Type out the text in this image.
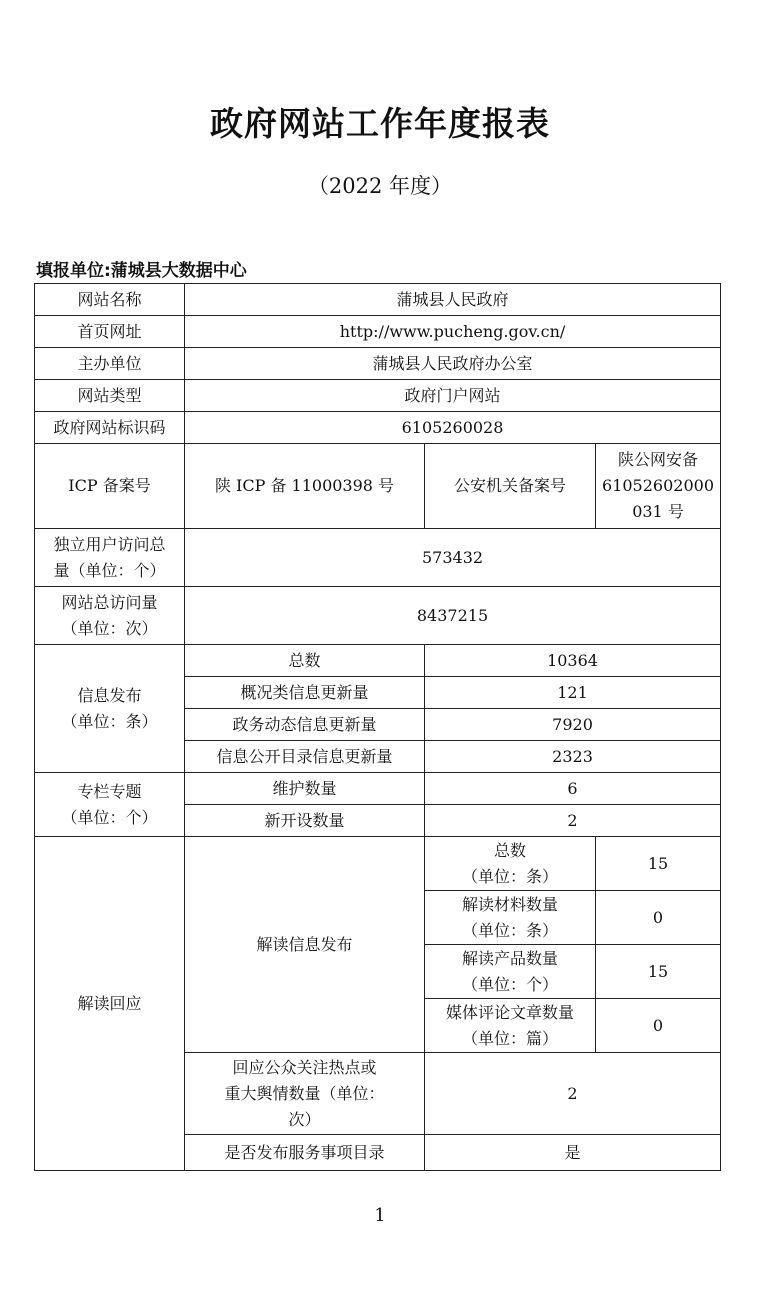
政府网站工作年度报表
（2022 年度）
填报单位:蒲城县大数据中心
网站名称	蒲城县人民政府		
首页网址	http://www.pucheng.gov.cn/		
主办单位	蒲城县人民政府办公室		
网站类型	政府门户网站		
政府网站标识码	6105260028		
ICP 备案号	陕 ICP 备 11000398 号	公安机关备案号	陕公网安备
61052602000
031 号

独立用户访问总
量（单位：个）	573432		

网站总访问量
（单位：次）	8437215		

信息发布
（单位：条）	总数	10364	
	概况类信息更新量	121	
	政务动态信息更新量	7920	
	信息公开目录信息更新量	2323	

专栏专题
（单位：个）	维护数量	6	
	新开设数量	2	
解读回应	解读信息发布	总数
（单位：条）	15

		解读材料数量
（单位：条）	0

		解读产品数量
（单位：个）	15

		媒体评论文章数量
（单位：篇）	0

	回应公众关注热点或
重大舆情数量（单位：
次）	2	
	是否发布服务事项目录	是	
1
